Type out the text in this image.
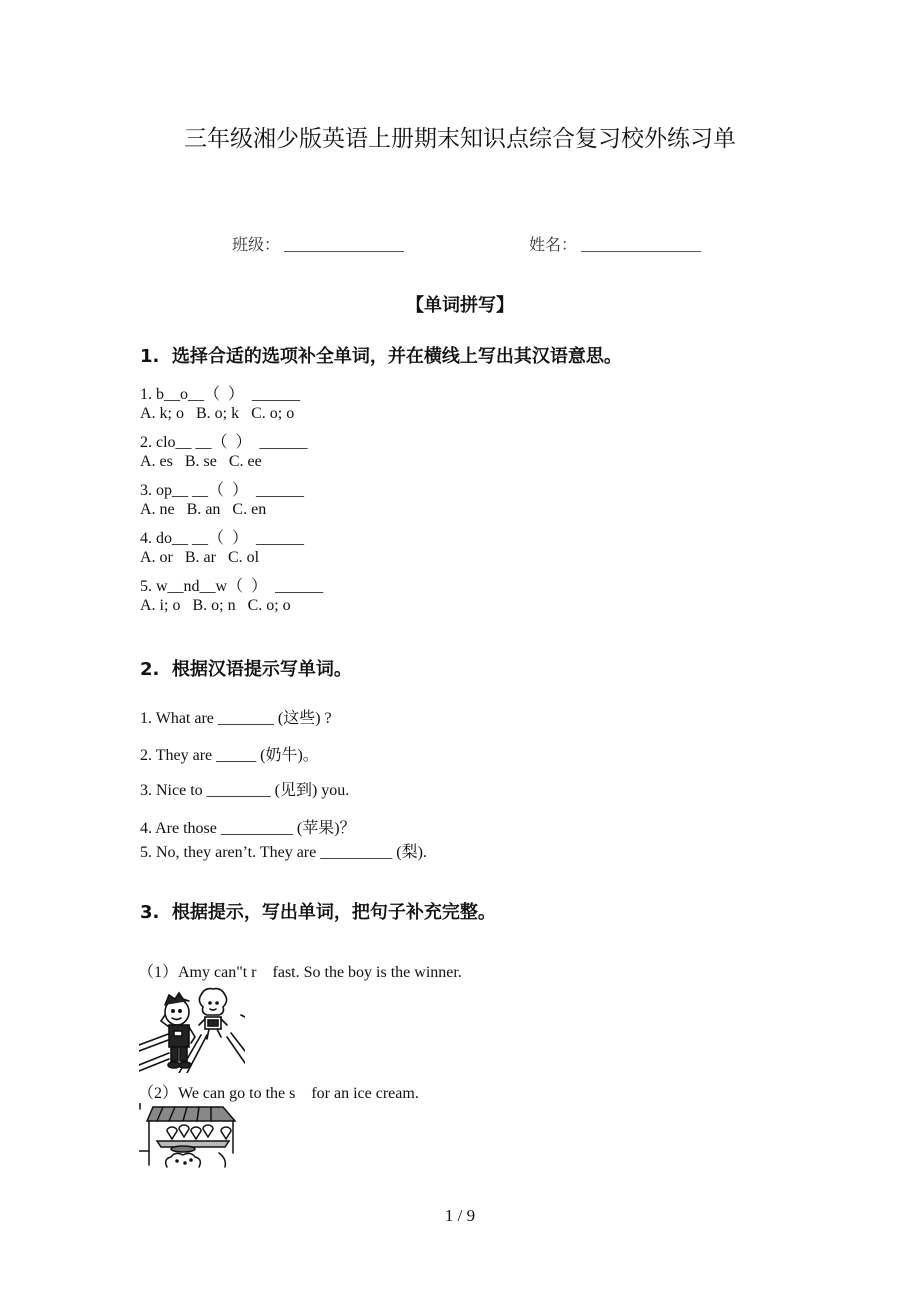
三年级湘少版英语上册期末知识点综合复习校外练习单

班级：	姓名：

【单词拼写】
1.  选择合适的选项补全单词，并在横线上写出其汉语意思。
1. b__o__（  ）  ______
A. k; o   B. o; k   C. o; o
2. clo__ __（  ）  ______
A. es   B. se   C. ee
3. op__ __（  ）  ______
A. ne   B. an   C. en
4. do__ __（  ）  ______
A. or   B. ar   C. ol
5. w__nd__w（  ）  ______
A. i; o   B. o; n   C. o; o
2.  根据汉语提示写单词。
1. What are _______ (这些) ?
2. They are _____ (奶牛)。
3. Nice to ________ (见到) you.
4. Are those _________ (苹果)？
5. No, they aren’t. They are _________ (梨).
3.  根据提示，写出单词，把句子补充完整。
（1）Amy can"t r    fast. So the boy is the winner.
（2）We can go to the s    for an ice cream.
1 / 9
